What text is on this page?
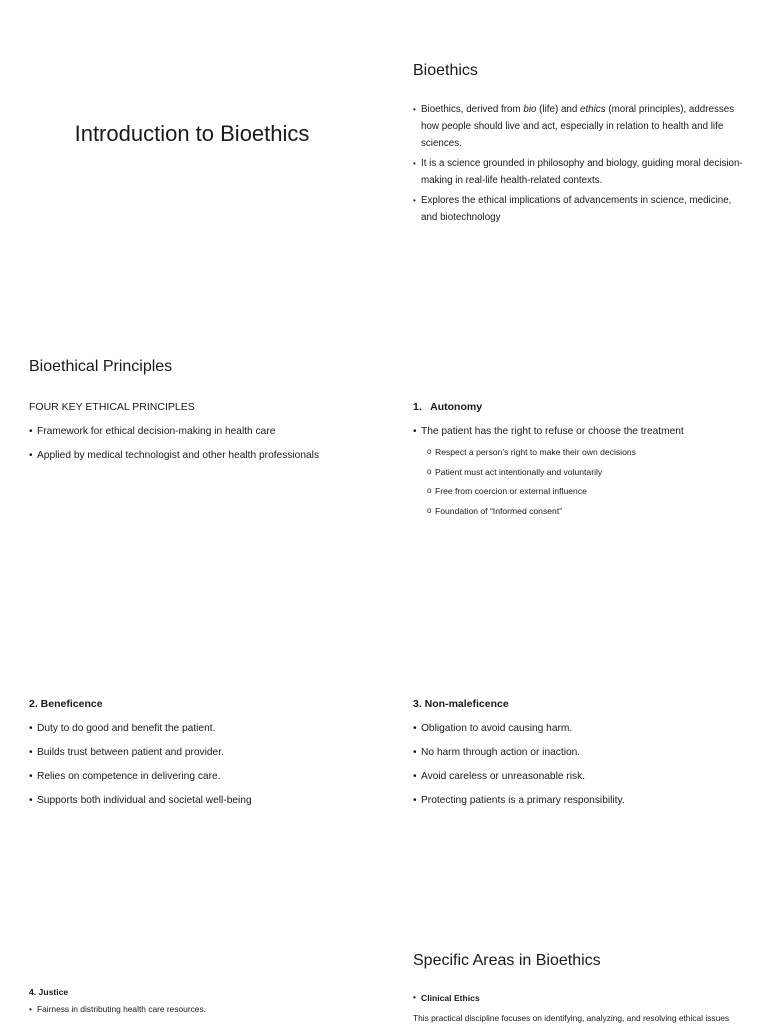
Introduction to Bioethics
Bioethics
• Bioethics, derived from bio (life) and ethics (moral principles), addresses how people should live and act, especially in relation to health and life sciences.
• It is a science grounded in philosophy and biology, guiding moral decision-making in real-life health-related contexts.
• Explores the ethical implications of advancements in science, medicine, and biotechnology
Bioethical Principles

FOUR KEY ETHICAL PRINCIPLES

• Framework for ethical decision-making in health care
• Applied by medical technologist and other health professionals

1.   Autonomy

• The patient has the right to refuse or choose the treatment
o Respect a person’s right to make their own decisions
o Patient must act intentionally and voluntarily
o Free from coercion or external influence
o Foundation of “Informed consent”

2. Beneficence

• Duty to do good and benefit the patient.
• Builds trust between patient and provider.
• Relies on competence in delivering care.
• Supports both individual and societal well-being

3. Non-maleficence

• Obligation to avoid causing harm.
• No harm through action or inaction.
• Avoid careless or unreasonable risk.
• Protecting patients is a primary responsibility.

4. Justice

• Fairness in distributing health care resources.
Specific Areas in Bioethics

• Clinical Ethics

This practical discipline focuses on identifying, analyzing, and resolving ethical issues
